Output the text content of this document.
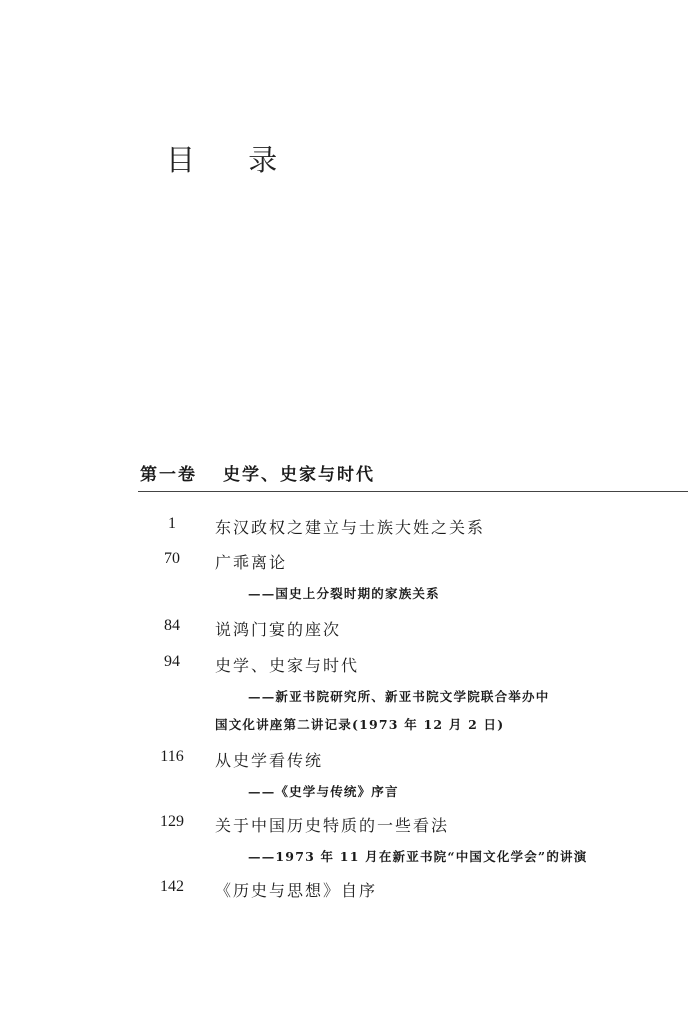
目 录
第一卷 史学、史家与时代
1	东汉政权之建立与士族大姓之关系
70	广乖离论
——国史上分裂时期的家族关系
84	说鸿门宴的座次
94	史学、史家与时代
——新亚书院研究所、新亚书院文学院联合举办中
国文化讲座第二讲记录(1973 年 12 月 2 日)
116	从史学看传统
——《史学与传统》序言
129	关于中国历史特质的一些看法
——1973 年 11 月在新亚书院“中国文化学会”的讲演
142	《历史与思想》自序
